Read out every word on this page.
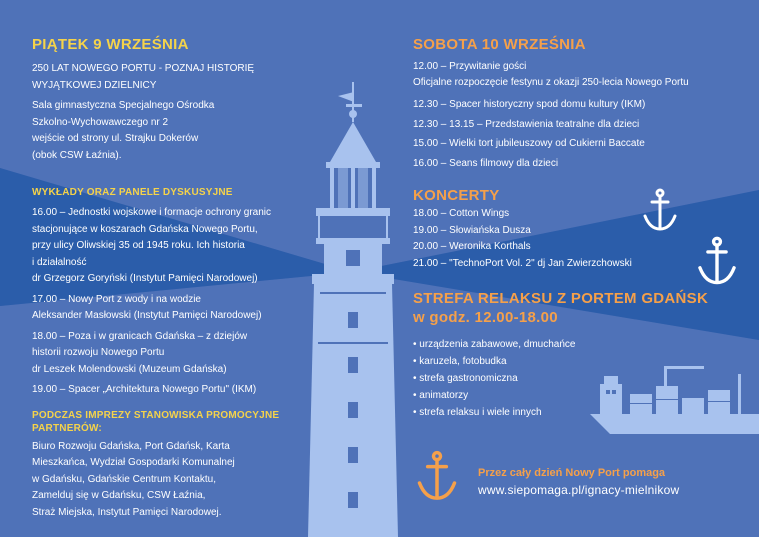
PIĄTEK 9 WRZEŚNIA
250 LAT NOWEGO PORTU - POZNAJ HISTORIĘ
WYJĄTKOWEJ DZIELNICY
Sala gimnastyczna Specjalnego Ośrodka
Szkolno-Wychowawczego nr 2
wejście od strony ul. Strajku Dokerów
(obok CSW Łaźnia).
WYKŁADY ORAZ PANELE DYSKUSYJNE
16.00 – Jednostki wojskowe i formacje ochrony granic
stacjonujące w koszarach Gdańska Nowego Portu,
przy ulicy Oliwskiej 35 od 1945 roku. Ich historia
i działalność
dr Grzegorz Goryński (Instytut Pamięci Narodowej)
17.00 – Nowy Port z wody i na wodzie
Aleksander Masłowski (Instytut Pamięci Narodowej)
18.00 – Poza i w granicach Gdańska – z dziejów
historii rozwoju Nowego Portu
dr Leszek Molendowski (Muzeum Gdańska)
19.00 – Spacer „Architektura Nowego Portu" (IKM)
PODCZAS IMPREZY STANOWISKA PROMOCYJNE
PARTNERÓW:
Biuro Rozwoju Gdańska, Port Gdańsk, Karta
Mieszkańca, Wydział Gospodarki Komunalnej
w Gdańsku, Gdańskie Centrum Kontaktu,
Zamelduj się w Gdańsku, CSW Łaźnia,
Straż Miejska, Instytut Pamięci Narodowej.
SOBOTA 10 WRZEŚNIA
12.00 – Przywitanie gości
Oficjalne rozpoczęcie festynu z okazji 250-lecia Nowego Portu
12.30 – Spacer historyczny spod domu kultury (IKM)
12.30 – 13.15 – Przedstawienia teatralne dla dzieci
15.00 – Wielki tort jubileuszowy od Cukierni Baccate
16.00 – Seans filmowy dla dzieci
KONCERTY
18.00 – Cotton Wings
19.00 – Słowiańska Dusza
20.00 – Weronika Korthals
21.00 – "TechnoPort Vol. 2" dj Jan Zwierzchowski
STREFA RELAKSU Z PORTEM GDAŃSK
w godz. 12.00-18.00
• urządzenia zabawowe, dmuchańce
• karuzela, fotobudka
• strefa gastronomiczna
• animatorzy
• strefa relaksu i wiele innych
Przez cały dzień Nowy Port pomaga
www.siepomaga.pl/ignacy-mielnikow
